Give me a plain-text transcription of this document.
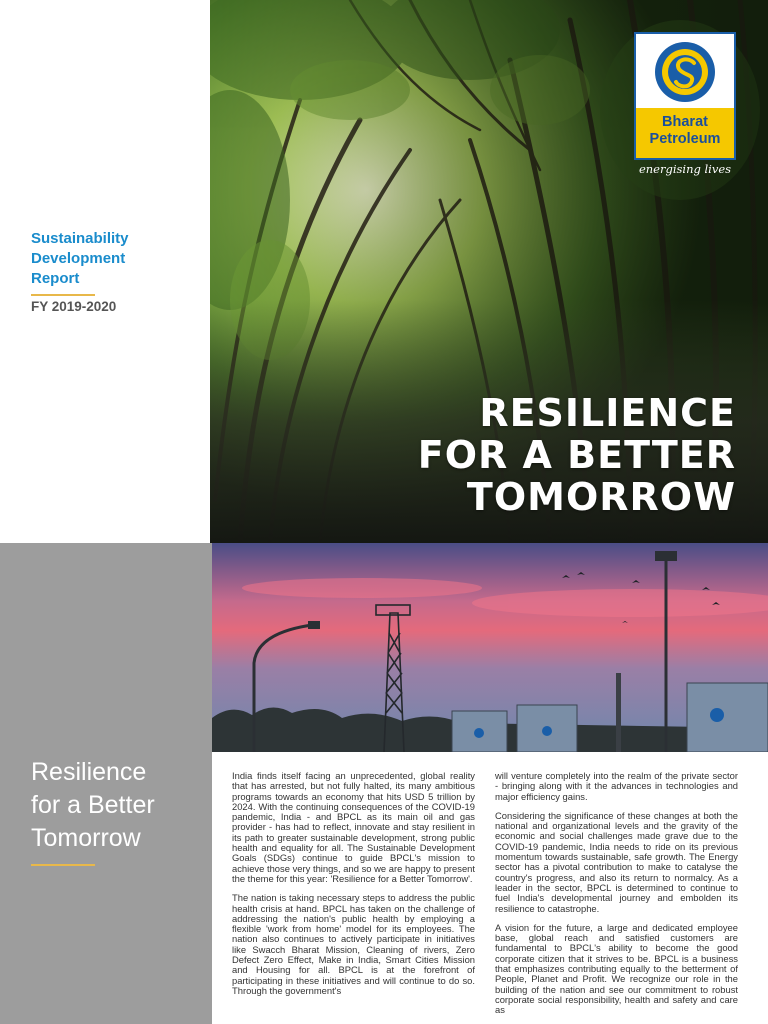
Sustainability
Development
Report
FY 2019-2020
Bharat
Petroleum
energising lives
RESILIENCE
FOR A BETTER
TOMORROW
Resilience
for a Better
Tomorrow

India finds itself facing an unprecedented, global reality that has arrested, but not fully halted, its many ambitious programs towards an economy that hits USD 5 trillion by 2024. With the continuing consequences of the COVID-19 pandemic, India - and BPCL as its main oil and gas provider - has had to reflect, innovate and stay resilient in its path to greater sustainable development, strong public health and equality for all. The Sustainable Development Goals (SDGs) continue to guide BPCL's mission to achieve those very things, and so we are happy to present the theme for this year: 'Resilience for a Better Tomorrow'.

The nation is taking necessary steps to address the public health crisis at hand. BPCL has taken on the challenge of addressing the nation's public health by employing a flexible 'work from home' model for its employees. The nation also continues to actively participate in initiatives like Swacch Bharat Mission, Cleaning of rivers, Zero Defect Zero Effect, Make in India, Smart Cities Mission and Housing for all. BPCL is at the forefront of participating in these initiatives and will continue to do so. Through the government's

will venture completely into the realm of the private sector - bringing along with it the advances in technologies and major efficiency gains.

Considering the significance of these changes at both the national and organizational levels and the gravity of the economic and social challenges made grave due to the COVID-19 pandemic, India needs to ride on its previous momentum towards sustainable, safe growth. The Energy sector has a pivotal contribution to make to catalyse the country's progress, and also its return to normalcy. As a leader in the sector, BPCL is determined to continue to fuel India's developmental journey and embolden its resilience to catastrophe.

A vision for the future, a large and dedicated employee base, global reach and satisfied customers are fundamental to BPCL's ability to become the good corporate citizen that it strives to be. BPCL is a business that emphasizes contributing equally to the betterment of People, Planet and Profit. We recognize our role in the building of the nation and see our commitment to robust corporate social responsibility, health and safety and care as
